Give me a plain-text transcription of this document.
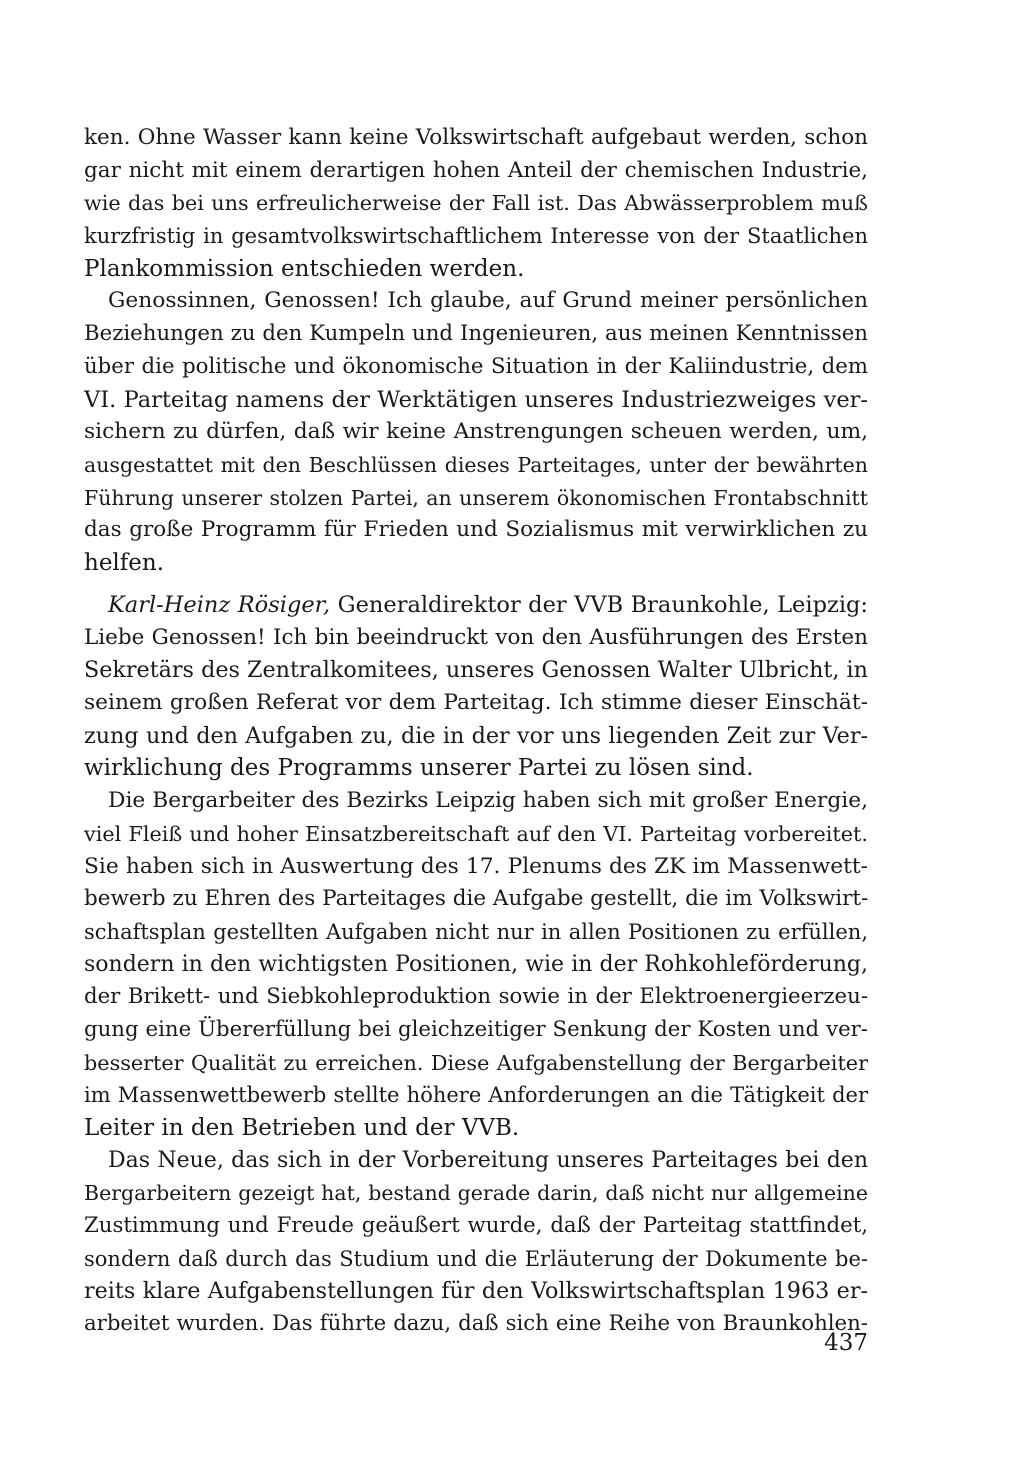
ken. Ohne Wasser kann keine Volkswirtschaft aufgebaut werden, schon
gar nicht mit einem derartigen hohen Anteil der chemischen Industrie,
wie das bei uns erfreulicherweise der Fall ist. Das Abwässerproblem muß
kurzfristig in gesamtvolkswirtschaftlichem Interesse von der Staatlichen
Plankommission entschieden werden.
Genossinnen, Genossen! Ich glaube, auf Grund meiner persönlichen
Beziehungen zu den Kumpeln und Ingenieuren, aus meinen Kenntnissen
über die politische und ökonomische Situation in der Kaliindustrie, dem
VI. Parteitag namens der Werktätigen unseres Industriezweiges ver-
sichern zu dürfen, daß wir keine Anstrengungen scheuen werden, um,
ausgestattet mit den Beschlüssen dieses Parteitages, unter der bewährten
Führung unserer stolzen Partei, an unserem ökonomischen Frontabschnitt
das große Programm für Frieden und Sozialismus mit verwirklichen zu
helfen.
Karl-Heinz Rösiger, Generaldirektor der VVB Braunkohle, Leipzig:
Liebe Genossen! Ich bin beeindruckt von den Ausführungen des Ersten
Sekretärs des Zentralkomitees, unseres Genossen Walter Ulbricht, in
seinem großen Referat vor dem Parteitag. Ich stimme dieser Einschät-
zung und den Aufgaben zu, die in der vor uns liegenden Zeit zur Ver-
wirklichung des Programms unserer Partei zu lösen sind.
Die Bergarbeiter des Bezirks Leipzig haben sich mit großer Energie,
viel Fleiß und hoher Einsatzbereitschaft auf den VI. Parteitag vorbereitet.
Sie haben sich in Auswertung des 17. Plenums des ZK im Massenwett-
bewerb zu Ehren des Parteitages die Aufgabe gestellt, die im Volkswirt-
schaftsplan gestellten Aufgaben nicht nur in allen Positionen zu erfüllen,
sondern in den wichtigsten Positionen, wie in der Rohkohleförderung,
der Brikett- und Siebkohleproduktion sowie in der Elektroenergieerzeu-
gung eine Übererfüllung bei gleichzeitiger Senkung der Kosten und ver-
besserter Qualität zu erreichen. Diese Aufgabenstellung der Bergarbeiter
im Massenwettbewerb stellte höhere Anforderungen an die Tätigkeit der
Leiter in den Betrieben und der VVB.
Das Neue, das sich in der Vorbereitung unseres Parteitages bei den
Bergarbeitern gezeigt hat, bestand gerade darin, daß nicht nur allgemeine
Zustimmung und Freude geäußert wurde, daß der Parteitag stattfindet,
sondern daß durch das Studium und die Erläuterung der Dokumente be-
reits klare Aufgabenstellungen für den Volkswirtschaftsplan 1963 er-
arbeitet wurden. Das führte dazu, daß sich eine Reihe von Braunkohlen-
437
